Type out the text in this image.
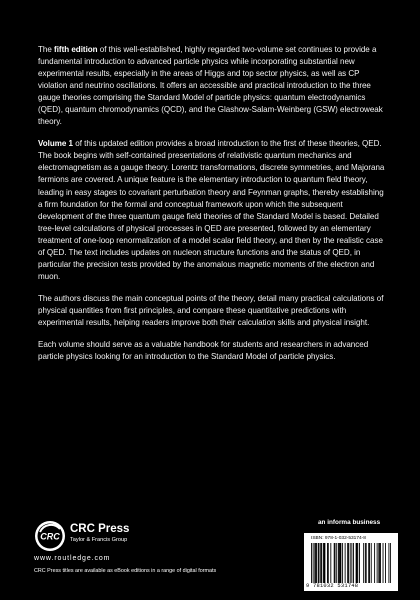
The fifth edition of this well-established, highly regarded two-volume set continues to provide a fundamental introduction to advanced particle physics while incorporating substantial new experimental results, especially in the areas of Higgs and top sector physics, as well as CP violation and neutrino oscillations. It offers an accessible and practical introduction to the three gauge theories comprising the Standard Model of particle physics: quantum electrodynamics (QED), quantum chromodynamics (QCD), and the Glashow-Salam-Weinberg (GSW) electroweak theory.

Volume 1 of this updated edition provides a broad introduction to the first of these theories, QED. The book begins with self-contained presentations of relativistic quantum mechanics and electromagnetism as a gauge theory. Lorentz transformations, discrete symmetries, and Majorana fermions are covered. A unique feature is the elementary introduction to quantum field theory, leading in easy stages to covariant perturbation theory and Feynman graphs, thereby establishing a firm foundation for the formal and conceptual framework upon which the subsequent development of the three quantum gauge field theories of the Standard Model is based. Detailed tree-level calculations of physical processes in QED are presented, followed by an elementary treatment of one-loop renormalization of a model scalar field theory, and then by the realistic case of QED. The text includes updates on nucleon structure functions and the status of QED, in particular the precision tests provided by the anomalous magnetic moments of the electron and muon.

The authors discuss the main conceptual points of the theory, detail many practical calculations of physical quantities from first principles, and compare these quantitative predictions with experimental results, helping readers improve both their calculation skills and physical insight.

Each volume should serve as a valuable handbook for students and researchers in advanced particle physics looking for an introduction to the Standard Model of particle physics.

CRC
CRC Press
Taylor & Francis Group
www.routledge.com
CRC Press titles are available as eBook editions in a range of digital formats
an informa business
ISBN: 978-1-032-53174-8
9 781032 531748
